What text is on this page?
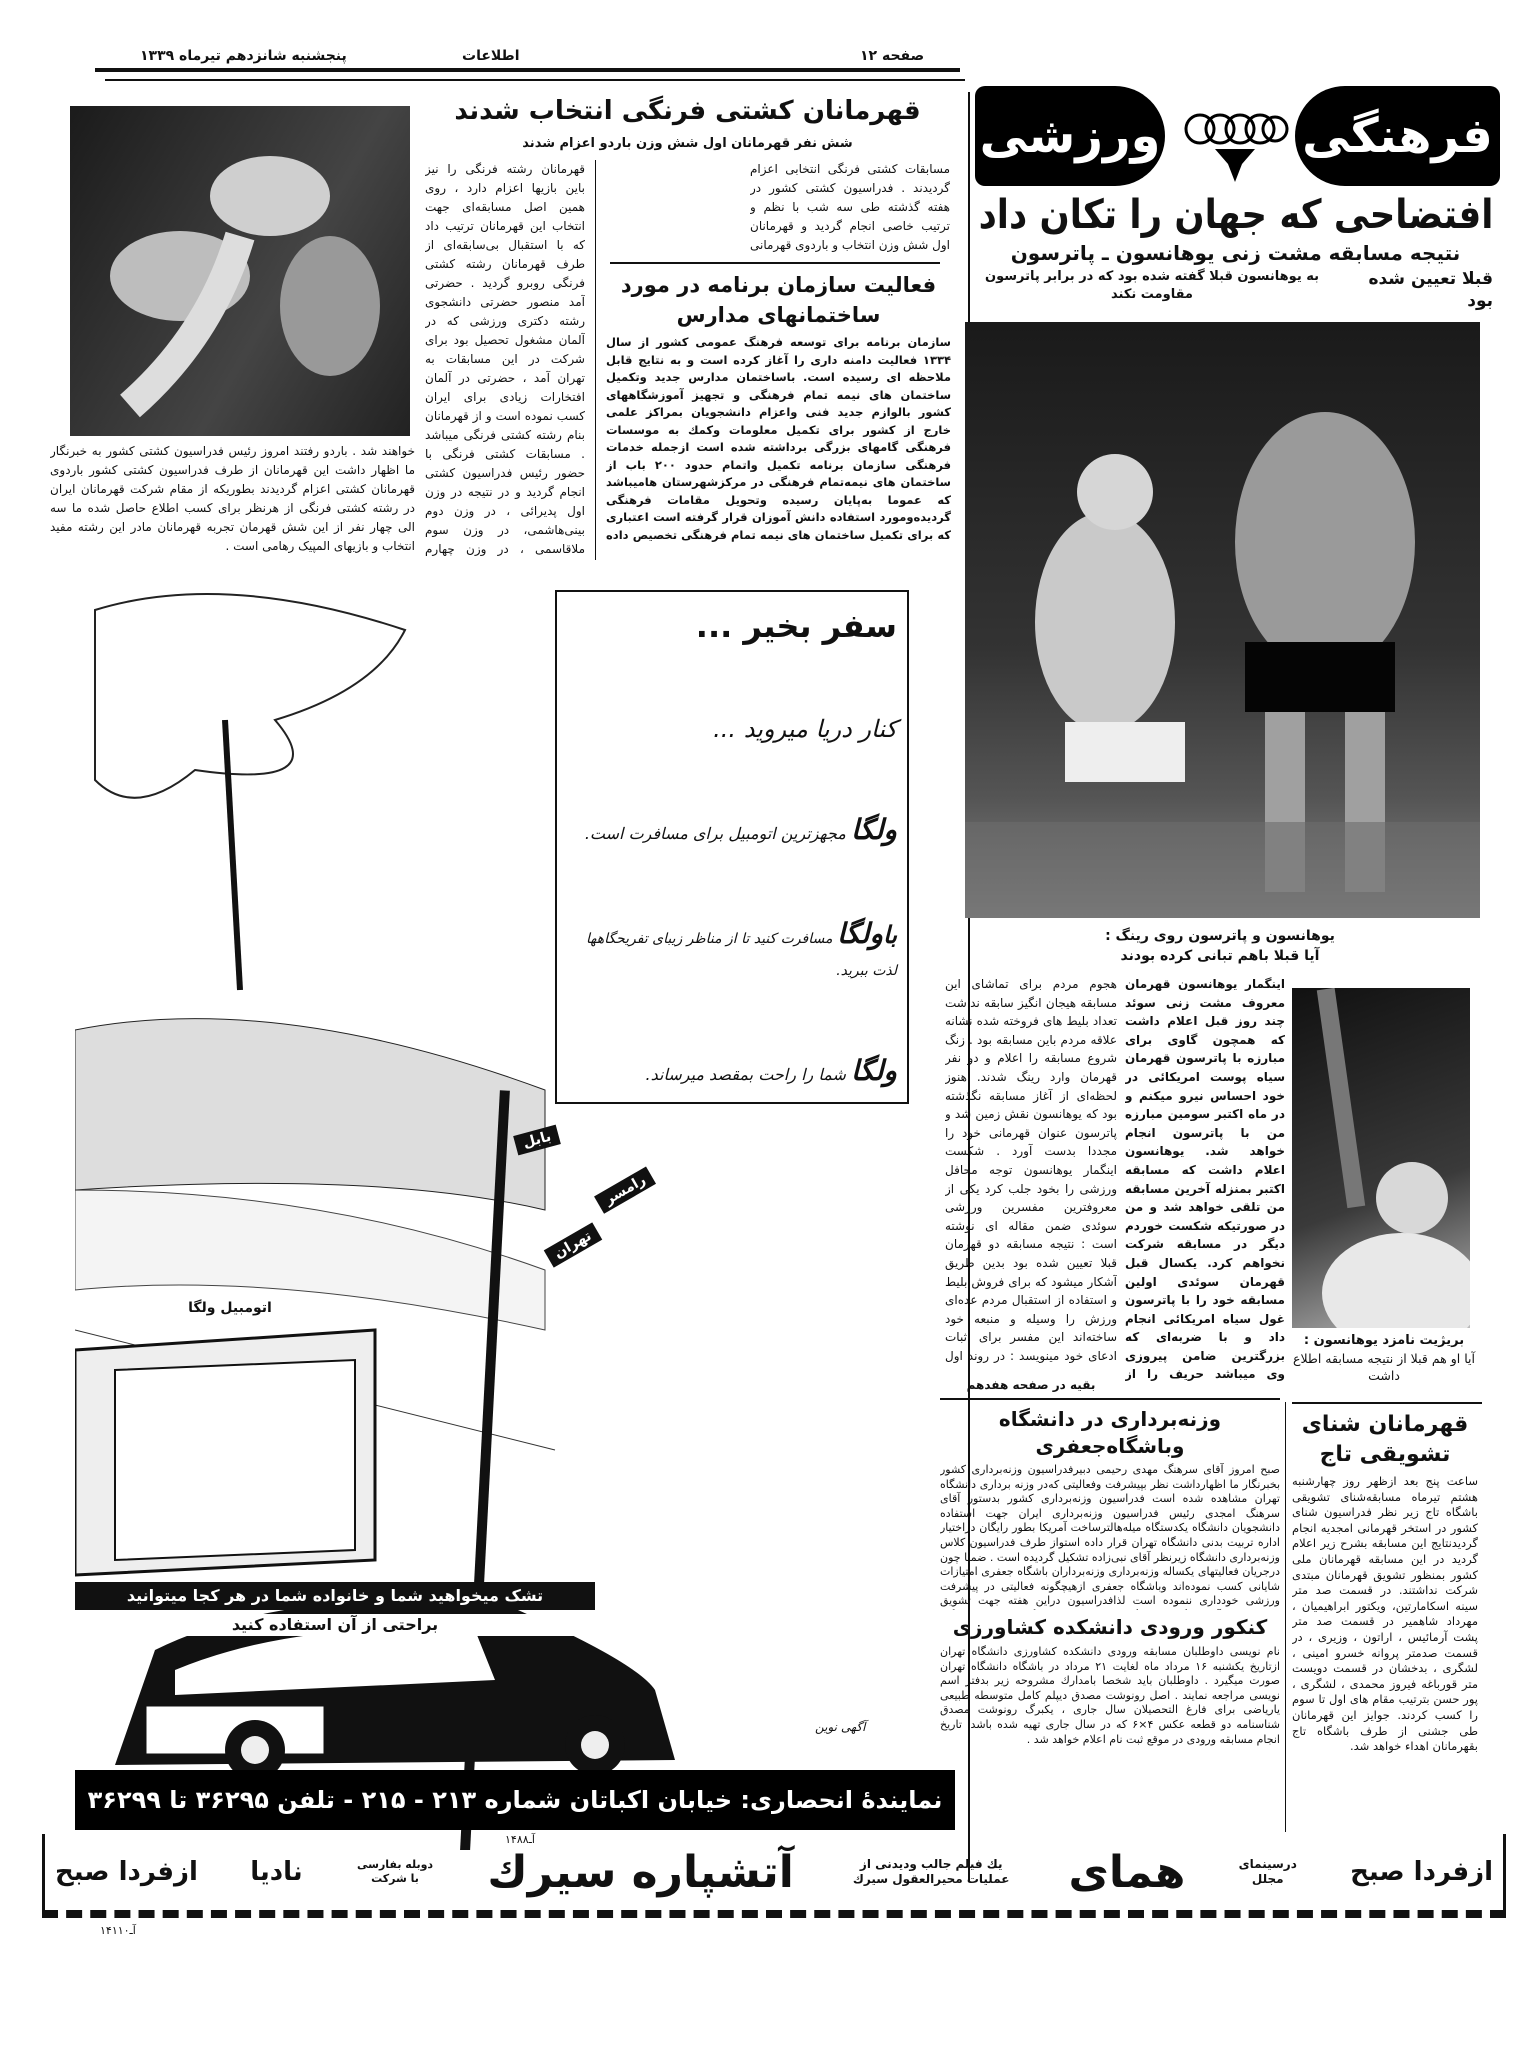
پنجشنبه شانزدهم تیرماه ۱۳۳۹	اطلاعات	صفحه ۱۲
ورزشی	فرهنگی
افتضاحی که جهان را تکان داد
نتیجه مسابقه مشت زنی یوهانسون ـ پاترسون
قبلا تعیین شده بود
به یوهانسون قبلا گفته شده بود که در برابر پاترسون مقاومت نکند
یوهانسون و پاترسون روی رینگ :
آیا قبلا باهم تبانی کرده بودند
اینگمار یوهانسون قهرمان معروف مشت زنی سوئد چند روز قبل اعلام داشت که همچون گاوی برای مبارزه با پاترسون قهرمان سیاه پوست امریکائی در خود احساس نیرو میکنم و در ماه اکتبر سومین مبارزه من با پاترسون انجام خواهد شد. یوهانسون اعلام داشت که مسابقه اکتبر بمنزله آخرین مسابقه من تلقی خواهد شد و من در صورتیکه شکست خوردم دیگر در مسابقه شرکت نخواهم کرد. یکسال قبل قهرمان سوئدی اولین مسابقه خود را با پاترسون غول سیاه امریکائی انجام داد و با ضربه‌ای که بزرگترین ضامن پیروزی وی میباشد حریف را از
هجوم مردم برای تماشای این مسابقه هیجان انگیز سابقه نداشت تعداد بلیط های فروخته شده نشانه علاقه مردم باین مسابقه بود . زنگ شروع مسابقه را اعلام و دو نفر قهرمان وارد رینگ شدند. هنوز لحظه‌ای از آغاز مسابقه نگذشته بود که یوهانسون نقش زمین شد و پاترسون عنوان قهرمانی خود را مجددا بدست آورد . شکست اینگمار یوهانسون توجه محافل ورزشی را بخود جلب کرد یکی از معروفترین مفسرین ورزشی سوئدی ضمن مقاله ای نوشته است : نتیجه مسابقه دو قهرمان قبلا تعیین شده بود بدین طریق آشکار میشود که برای فروش بلیط و استفاده از استقبال مردم عده‌ای ورزش را وسیله و منبعه خود ساخته‌اند این مفسر برای اثبات ادعای خود مینویسد : در روند اول
بقیه در صفحه هفدهم
بریژیت نامزد یوهانسون :
آیا او هم قبلا از نتیجه مسابقه اطلاع داشت
قهرمانان کشتی فرنگی انتخاب شدند
شش نفر قهرمانان اول شش وزن باردو اعزام شدند
مسابقات کشتی فرنگی انتخابی اعزام گردیدند . فدراسیون کشتی کشور در هفته گذشته طی سه شب با نظم و ترتیب خاصی انجام گردید و قهرمانان اول شش وزن انتخاب و باردوی قهرمانی
قهرمانان رشته فرنگی را نیز باین بازیها اعزام دارد ، روی همین اصل مسابقه‌ای جهت انتخاب این قهرمانان ترتیب داد که با استقبال بی‌سابقه‌ای از طرف قهرمانان رشته کشتی فرنگی روبرو گردید . حضرتی آمد منصور حضرتی دانشجوی رشته دکتری ورزشی که در آلمان مشغول تحصیل بود برای شرکت در این مسابقات به تهران آمد ، حضرتی در آلمان افتخارات زیادی برای ایران کسب نموده است و از قهرمانان بنام رشته کشتی فرنگی میباشد . مسابقات کشتی فرنگی با حضور رئیس فدراسیون کشتی انجام گردید و در نتیجه در وزن اول پدیرائی ، در وزن دوم بینی‌هاشمی، در وزن سوم ملاقاسمی ، در وزن چهارم
خواهند شد . باردو رفتند امروز رئیس فدراسیون کشتی کشور به خبرنگار ما اظهار داشت این قهرمانان از طرف فدراسیون کشتی کشور باردوی قهرمانان کشتی اعزام گردیدند بطوریکه از مقام شرکت قهرمانان ایران در رشته کشتی فرنگی از هرنظر برای کسب اطلاع حاصل شده ما سه الی چهار نفر از این شش قهرمان تجربه قهرمانان مادر این رشته مفید انتخاب و بازیهای المپیک رهامی است .
فعالیت سازمان برنامه در مورد ساختمانهای مدارس
سازمان برنامه برای توسعه فرهنگ عمومی کشور از سال ۱۳۳۴ فعالیت دامنه داری را آغاز کرده است و به نتایج قابل ملاحظه ای رسیده است. باساختمان مدارس جدید وتکمیل ساختمان های نیمه تمام فرهنگی و تجهیز آموزشگاههای کشور بالوازم جدید فنی واعزام دانشجویان بمراکز علمی خارج از کشور برای تکمیل معلومات وکمك به موسسات فرهنگی گامهای بزرگی برداشته شده است ازجمله خدمات فرهنگی سازمان برنامه تکمیل واتمام حدود ۲۰۰ باب از ساختمان های نیمه‌تمام فرهنگی در مرکزشهرستان هامیباشد که عموما به‌پایان رسیده وتحویل مقامات فرهنگی گردیده‌ومورد استفاده دانش آموزان قرار گرفته است اعتباری که برای تکمیل ساختمان های نیمه تمام فرهنگی تخصیص داده
سفر بخیر ...
کنار دریا میروید ...
ولگا مجهزترین اتومبیل برای مسافرت است.
باولگا مسافرت کنید تا از مناظر زیبای تفریحگاهها لذت ببرید.
ولگا شما را راحت بمقصد میرساند.
بابل
رامسر
تهران
اتومبیل ولگا
تشک میخواهید شما و خانواده شما در هر کجا میتوانید
براحتی از آن استفاده کنید
آگهی نوین
نمایندهٔ انحصاری: خیابان اکباتان شماره ۲۱۳ - ۲۱۵ - تلفن ۳۶۲۹۵ تا ۳۶۲۹۹
آـ۱۴۸۸
وزنه‌برداری در دانشگاه وباشگاه‌جعفری
صبح امروز آقای سرهنگ مهدی رحیمی دبیرفدراسیون وزنه‌برداری کشور بخبرنگار ما اظهارداشت نظر بپیشرفت وفعالیتی که‌در وزنه برداری دانشگاه تهران مشاهده شده است فدراسیون وزنه‌برداری کشور بدستور آقای سرهنگ امجدی رئیس فدراسیون وزنه‌برداری ایران جهت استفاده دانشجویان دانشگاه یکدستگاه میله‌هالترساخت آمریکا بطور رایگان دراختیار اداره تربیت بدنی دانشگاه تهران قرار داده استواز طرف فدراسیون کلاس وزنه‌برداری دانشگاه زیرنظر آقای نبی‌زاده تشکیل گردیده است . ضمنا چون درجریان فعالیتهای یکساله وزنه‌برداری وزنه‌برداران باشگاه جعفری امتیازات شایانی کسب نموده‌اند وباشگاه جعفری ازهیچگونه فعالیتی در پیشرفت ورزشی خودداری ننموده است لذافدراسیون دراین هفته جهت تشویق
کنکور ورودی دانشکده کشاورزی
نام نویسی داوطلبان مسابقه ورودی دانشکده کشاورزی دانشگاه تهران ازتاریخ یکشنبه ۱۶ مرداد ماه لغایت ۲۱ مرداد در باشگاه دانشگاه تهران صورت میگیرد . داوطلبان باید شخصا بامدارك مشروحه زیر بدفتر اسم نویسی مراجعه نمایند . اصل رونوشت مصدق دیپلم کامل متوسطه طبیعی یاریاضی برای فارغ التحصیلان سال جاری ، یکبرگ رونوشت مصدق شناسنامه دو قطعه عکس ۴×۶ که در سال جاری تهیه شده باشد. تاریخ انجام مسابقه ورودی در موقع ثبت نام اعلام خواهد شد .
قهرمانان شنای تشویقی تاج
ساعت پنج بعد ازظهر روز چهارشنبه هشتم تیرماه مسابقه‌شنای تشویقی باشگاه تاج زیر نظر فدراسیون شنای کشور در استخر قهرمانی امجدیه انجام گردیدنتایج این مسابقه بشرح زیر اعلام گردید در این مسابقه قهرمانان ملی کشور بمنظور تشویق قهرمانان مبتدی شرکت نداشتند. در قسمت صد متر سینه اسکامارتین، ویکتور ابراهیمیان ، مهرداد شاهمیر در قسمت صد متر پشت آرمائیس ، اراتون ، وزیری ، در قسمت صدمتر پروانه خسرو امینی ، لشگری ، بدخشان در قسمت دویست متر قورباغه فیروز محمدی ، لشگری ، پور حسن بترتیب مقام های اول تا سوم را کسب کردند. جوایز این قهرمانان طی جشنی از طرف باشگاه تاج بقهرمانان اهداء خواهد شد.
ازفردا صبح
درسینمای مجلل
همای
یك فیلم جالب ودیدنی از عملیات محیرالعقول سیرك
آتشپاره سیرك
دوبله بفارسی با شرکت
نادیا
ازفردا صبح
آـ۱۴۱۱۰
